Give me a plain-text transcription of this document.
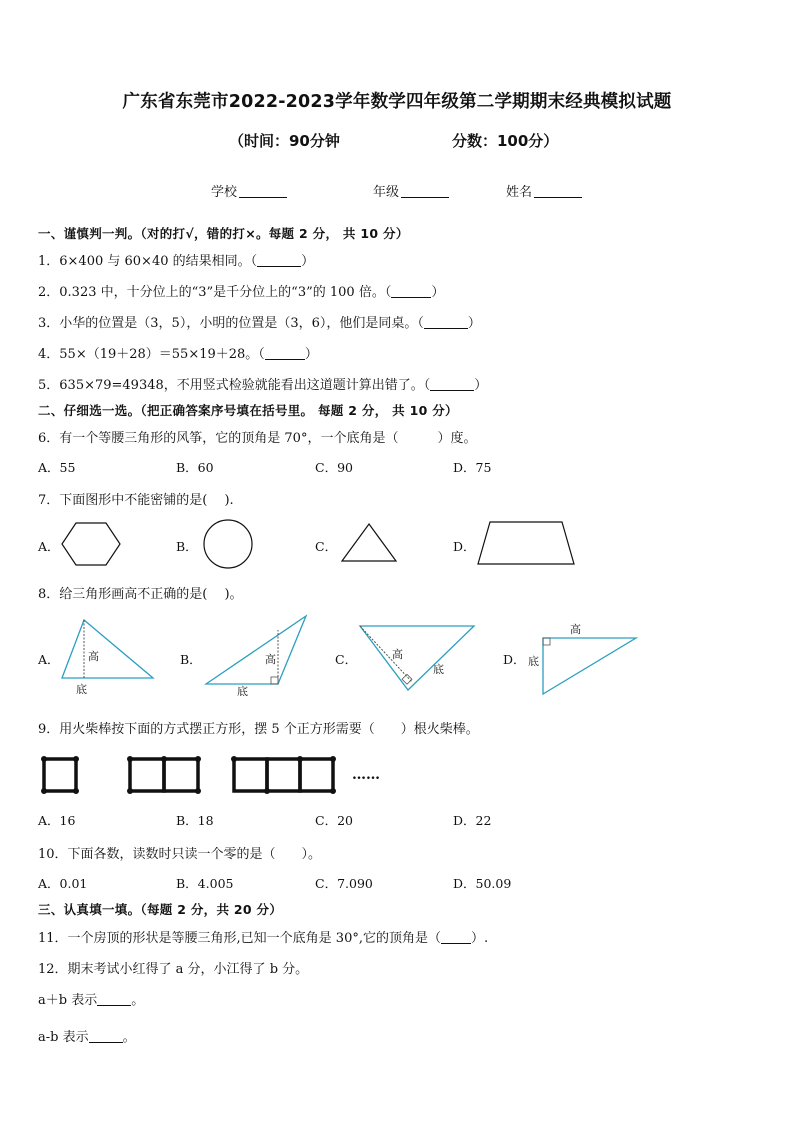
广东省东莞市2022-2023学年数学四年级第二学期期末经典模拟试题
（时间：90分钟	分数：100分）
学校	年级	姓名
一、谨慎判一判。（对的打√，错的打×。每题 2 分， 共 10 分）
1．6×400 与 60×40 的结果相同。（	）
2．0.323 中，十分位上的“3”是千分位上的“3”的 100 倍。（	）
3．小华的位置是（3，5），小明的位置是（3，6），他们是同桌。（	）
4．55×（19＋28）＝55×19＋28。（	）
5．635×79=49348，不用竖式检验就能看出这道题计算出错了。（	）
二、仔细选一选。（把正确答案序号填在括号里。 每题 2 分， 共 10 分）
6．有一个等腰三角形的风筝，它的顶角是 70°，一个底角是（　　　）度。
A．55	B．60	C．90	D．75
7．下面图形中不能密铺的是(　 ).
A．	B．	C．	D．
8．给三角形画高不正确的是(　 )。
A．	B．	C．	D．
高
底
高
底
高
底
高
底
9．用火柴棒按下面的方式摆正方形，摆 5 个正方形需要（　　）根火柴棒。
……
A．16	B．18	C．20	D．22
10．下面各数，读数时只读一个零的是（　　）。
A．0.01	B．4.005	C．7.090	D．50.09
三、认真填一填。（每题 2 分，共 20 分）
11．一个房顶的形状是等腰三角形,已知一个底角是 30°,它的顶角是（ ）.
12．期末考试小红得了 a 分，小江得了 b 分。
a＋b 表示	。
a-b 表示	。
